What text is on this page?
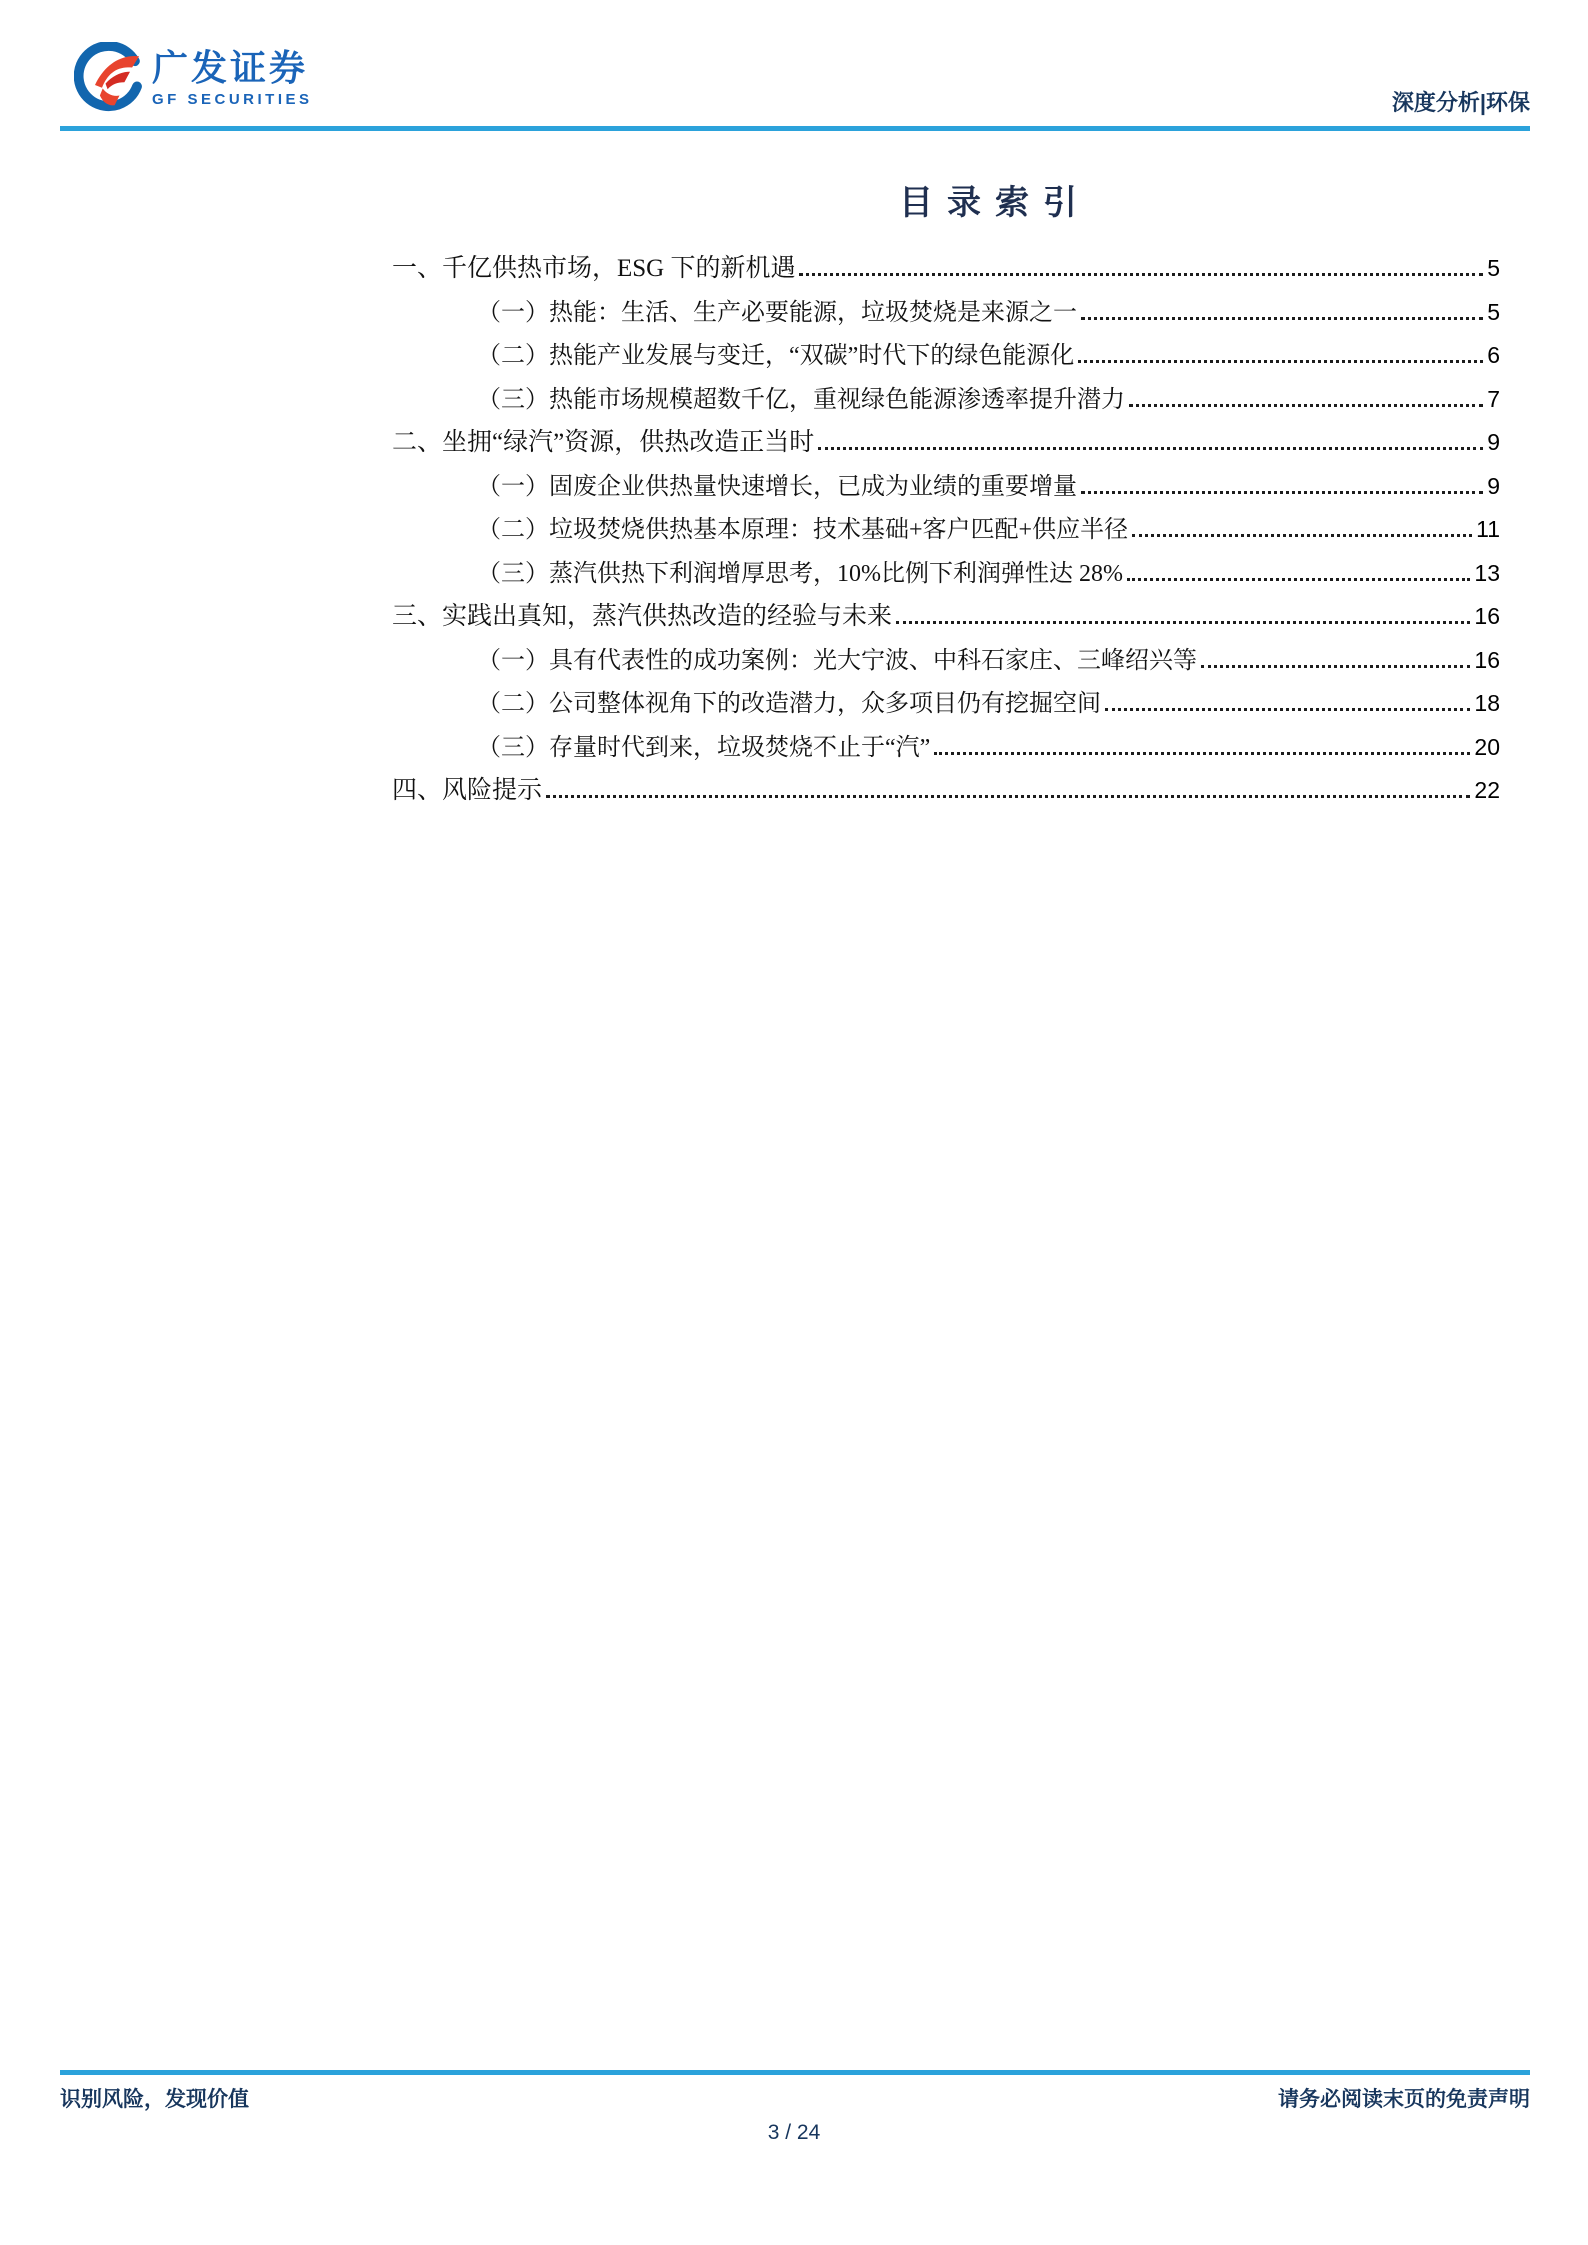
广发证券
GF SECURITIES	深度分析|环保
目录索引
一、千亿供热市场，ESG 下的新机遇	5
（一）热能：生活、生产必要能源，垃圾焚烧是来源之一	5
（二）热能产业发展与变迁，“双碳”时代下的绿色能源化	6
（三）热能市场规模超数千亿，重视绿色能源渗透率提升潜力	7
二、坐拥“绿汽”资源，供热改造正当时	9
（一）固废企业供热量快速增长，已成为业绩的重要增量	9
（二）垃圾焚烧供热基本原理：技术基础+客户匹配+供应半径	11
（三）蒸汽供热下利润增厚思考，10%比例下利润弹性达 28%	13
三、实践出真知，蒸汽供热改造的经验与未来	16
（一）具有代表性的成功案例：光大宁波、中科石家庄、三峰绍兴等	16
（二）公司整体视角下的改造潜力，众多项目仍有挖掘空间	18
（三）存量时代到来，垃圾焚烧不止于“汽”	20
四、风险提示	22
识别风险，发现价值	请务必阅读末页的免责声明
3 / 24
